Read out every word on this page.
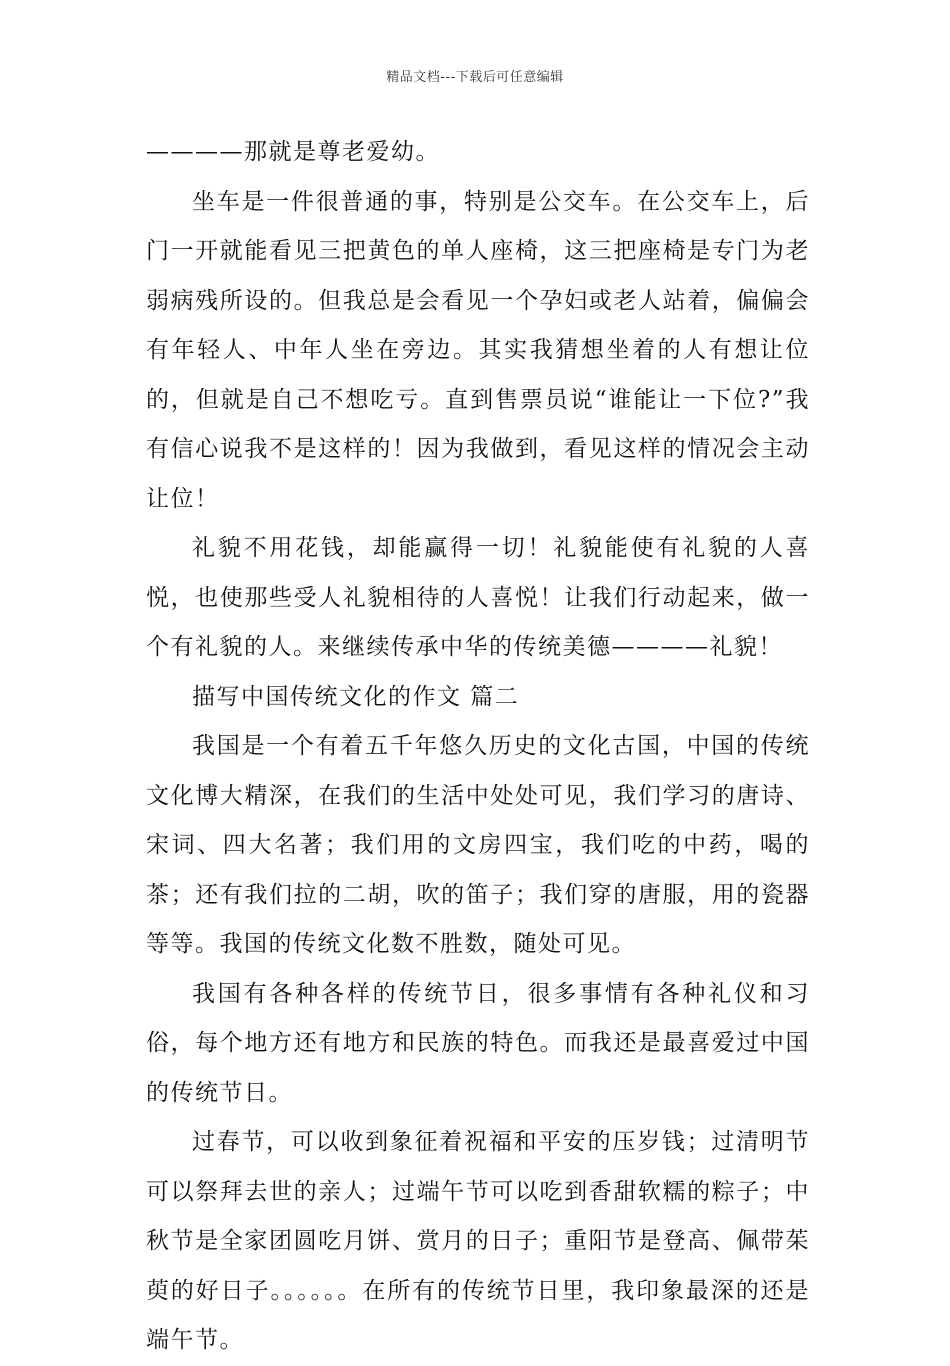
精品文档---下载后可任意编辑

————那就是尊老爱幼。

坐车是一件很普通的事，特别是公交车。在公交车上，后 门一开就能看见三把黄色的单人座椅，这三把座椅是专门为老弱病残所设的。但我总是会看见一个孕妇或老人站着，偏偏会有年轻人、中年人坐在旁边。其实我猜想坐着的人有想让位的，但就是自己不想吃亏。直到售票员说“谁能让一下位?”我有信心说我不是这样的！因为我做到，看见这样的情况会主动让位！

礼貌不用花钱，却能赢得一切！礼貌能使有礼貌的人喜悦，也使那些受人礼貌相待的人喜悦！让我们行动起来，做一个有礼貌的人。来继续传承中华的传统美德————礼貌！

描写中国传统文化的作文 篇二

我国是一个有着五千年悠久历史的文化古国，中国的传统文化博大精深，在我们的生活中处处可见，我们学习的唐诗、宋词、四大名著；我们用的文房四宝，我们吃的中药，喝的茶；还有我们拉的二胡，吹的笛子；我们穿的唐服，用的瓷器等等。我国的传统文化数不胜数，随处可见。

我国有各种各样的传统节日，很多事情有各种礼仪和习俗，每个地方还有地方和民族的特色。而我还是最喜爱过中国的传统节日。

过春节，可以收到象征着祝福和平安的压岁钱；过清明节可以祭拜去世的亲人；过端午节可以吃到香甜软糯的粽子；中秋节是全家团圆吃月饼、赏月的日子；重阳节是登高、佩带茱萸的好日子。。。。。。在所有的传统节日里，我印象最深的还是端午节。
